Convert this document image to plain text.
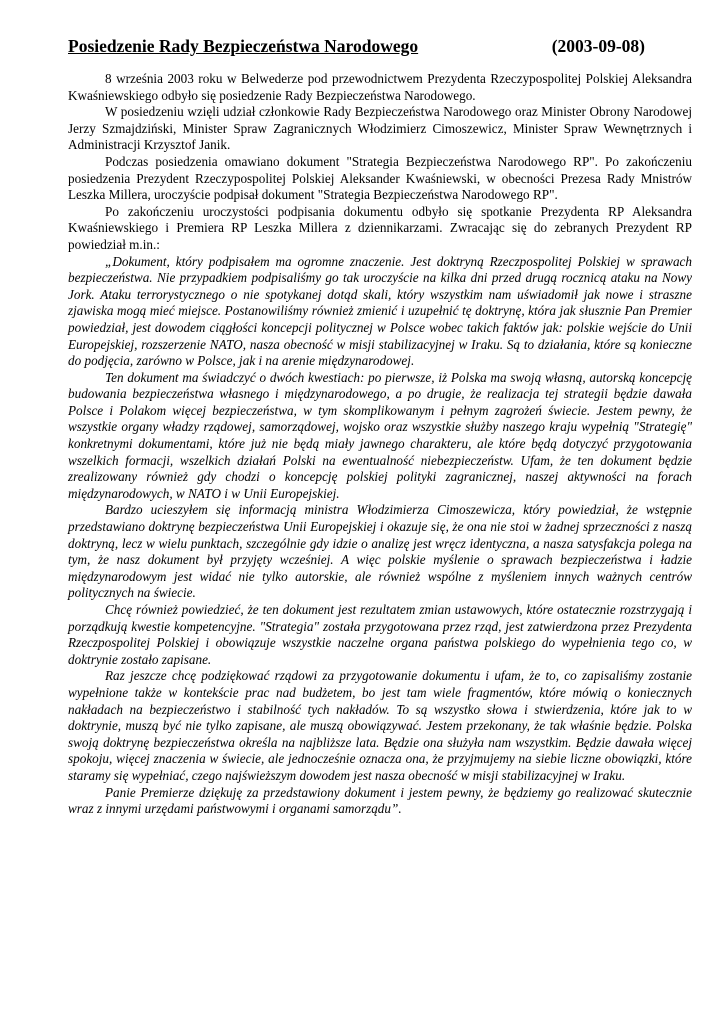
Posiedzenie Rady Bezpieczeństwa Narodowego	(2003-09-08)

8 września 2003 roku w Belwederze pod przewodnictwem Prezydenta Rzeczypospolitej Polskiej Aleksandra Kwaśniewskiego odbyło się posiedzenie Rady Bezpieczeństwa Narodowego.

W posiedzeniu wzięli udział członkowie Rady Bezpieczeństwa Narodowego oraz Minister Obrony Narodowej Jerzy Szmajdziński, Minister Spraw Zagranicznych Włodzimierz Cimoszewicz, Minister Spraw Wewnętrznych i Administracji Krzysztof Janik.

Podczas posiedzenia omawiano dokument "Strategia Bezpieczeństwa Narodowego RP". Po zakończeniu posiedzenia Prezydent Rzeczypospolitej Polskiej Aleksander Kwaśniewski, w obecności Prezesa Rady Mnistrów Leszka Millera, uroczyście podpisał dokument "Strategia Bezpieczeństwa Narodowego RP".

Po zakończeniu uroczystości podpisania dokumentu odbyło się spotkanie Prezydenta RP Aleksandra Kwaśniewskiego i Premiera RP Leszka Millera z dziennikarzami. Zwracając się do zebranych Prezydent RP powiedział m.in.:

„Dokument, który podpisałem ma ogromne znaczenie. Jest doktryną Rzeczpospolitej Polskiej w sprawach bezpieczeństwa. Nie przypadkiem podpisaliśmy go tak uroczyście na kilka dni przed drugą rocznicą ataku na Nowy Jork. Ataku terrorystycznego o nie spotykanej dotąd skali, który wszystkim nam uświadomił jak nowe i straszne zjawiska mogą mieć miejsce. Postanowiliśmy również zmienić i uzupełnić tę doktrynę, która jak słusznie Pan Premier powiedział, jest dowodem ciągłości koncepcji politycznej w Polsce wobec takich faktów jak: polskie wejście do Unii Europejskiej, rozszerzenie NATO, nasza obecność w misji stabilizacyjnej w Iraku. Są to działania, które są konieczne do podjęcia, zarówno w Polsce, jak i na arenie międzynarodowej.

Ten dokument ma świadczyć o dwóch kwestiach: po pierwsze, iż Polska ma swoją własną, autorską koncepcję budowania bezpieczeństwa własnego i międzynarodowego, a po drugie, że realizacja tej strategii będzie dawała Polsce i Polakom więcej bezpieczeństwa, w tym skomplikowanym i pełnym zagrożeń świecie. Jestem pewny, że wszystkie organy władzy rządowej, samorządowej, wojsko oraz wszystkie służby naszego kraju wypełnią "Strategię" konkretnymi dokumentami, które już nie będą miały jawnego charakteru, ale które będą dotyczyć przygotowania wszelkich formacji, wszelkich działań Polski na ewentualność niebezpieczeństw. Ufam, że ten dokument będzie zrealizowany również gdy chodzi o koncepcję polskiej polityki zagranicznej, naszej aktywności na forach międzynarodowych, w NATO i w Unii Europejskiej.

Bardzo ucieszyłem się informacją ministra Włodzimierza Cimoszewicza, który powiedział, że wstępnie przedstawiano doktrynę bezpieczeństwa Unii Europejskiej i okazuje się, że ona nie stoi w żadnej sprzeczności z naszą doktryną, lecz w wielu punktach, szczególnie gdy idzie o analizę jest wręcz identyczna, a nasza satysfakcja polega na tym, że nasz dokument był przyjęty wcześniej. A więc polskie myślenie o sprawach bezpieczeństwa i ładzie międzynarodowym jest widać nie tylko autorskie, ale również wspólne z myśleniem innych ważnych centrów politycznych na świecie.

Chcę również powiedzieć, że ten dokument jest rezultatem zmian ustawowych, które ostatecznie rozstrzygają i porządkują kwestie kompetencyjne. "Strategia" została przygotowana przez rząd, jest zatwierdzona przez Prezydenta Rzeczpospolitej Polskiej i obowiązuje wszystkie naczelne organa państwa polskiego do wypełnienia tego co, w doktrynie zostało zapisane.

Raz jeszcze chcę podziękować rządowi za przygotowanie dokumentu i ufam, że to, co zapisaliśmy zostanie wypełnione także w kontekście prac nad budżetem, bo jest tam wiele fragmentów, które mówią o koniecznych nakładach na bezpieczeństwo i stabilność tych nakładów. To są wszystko słowa i stwierdzenia, które jak to w doktrynie, muszą być nie tylko zapisane, ale muszą obowiązywać. Jestem przekonany, że tak właśnie będzie. Polska swoją doktrynę bezpieczeństwa określa na najbliższe lata. Będzie ona służyła nam wszystkim. Będzie dawała więcej spokoju, więcej znaczenia w świecie, ale jednocześnie oznacza ona, że przyjmujemy na siebie liczne obowiązki, które staramy się wypełniać, czego najświeższym dowodem jest nasza obecność w misji stabilizacyjnej w Iraku.

Panie Premierze dziękuję za przedstawiony dokument i jestem pewny, że będziemy go realizować skutecznie wraz z innymi urzędami państwowymi i organami samorządu”.
